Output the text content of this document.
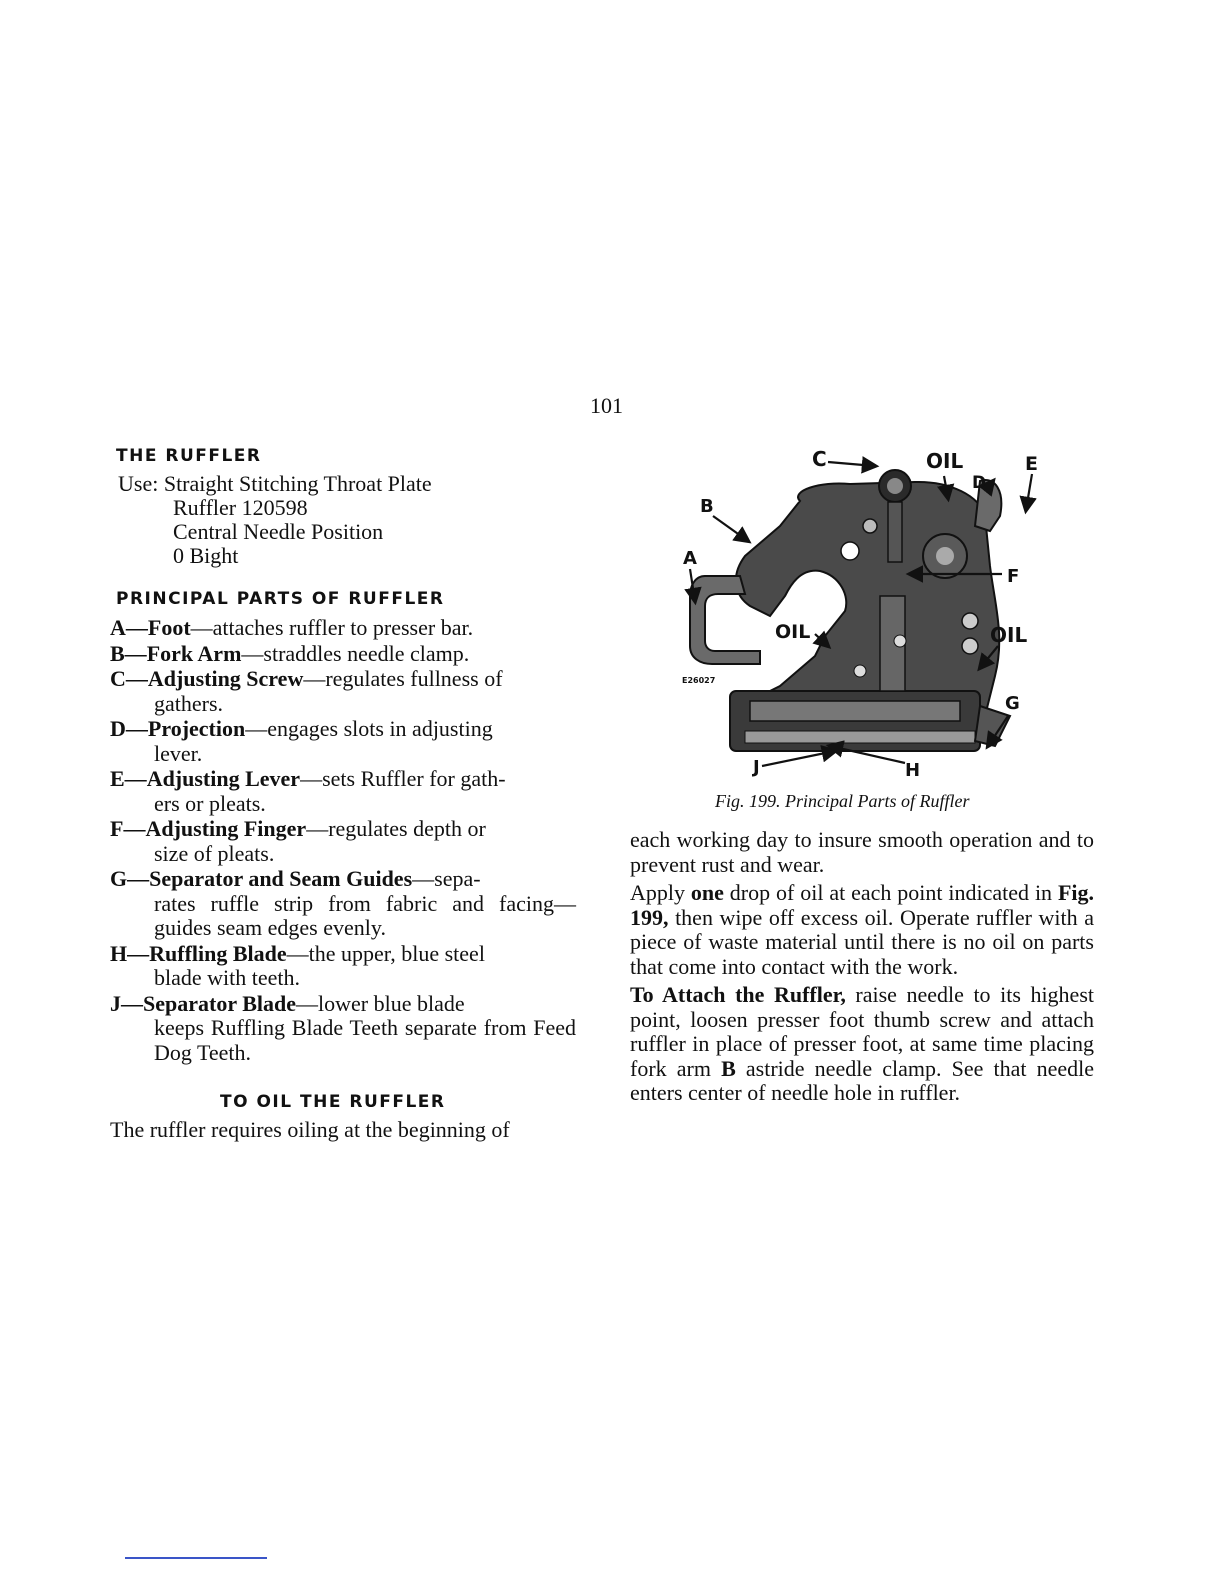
101
THE RUFFLER
Use: Straight Stitching Throat Plate
Ruffler 120598
Central Needle Position
0 Bight
PRINCIPAL PARTS OF RUFFLER
A—Foot—attaches ruffler to presser bar.
B—Fork Arm—straddles needle clamp.
C—Adjusting Screw—regulates fullness of
gathers.
D—Projection—engages slots in adjusting
lever.
E—Adjusting Lever—sets Ruffler for gath-
ers or pleats.
F—Adjusting Finger—regulates depth or
size of pleats.
G—Separator and Seam Guides—sepa-
rates ruffle strip from fabric and facing—guides seam edges evenly.
H—Ruffling Blade—the upper, blue steel
blade with teeth.
J—Separator Blade—lower blue blade
keeps Ruffling Blade Teeth separate from Feed Dog Teeth.
TO OIL THE RUFFLER
The ruffler requires oiling at the beginning of
C	OIL
D
E
B
A
F
OIL	OIL
G
J	H
E26027
Fig. 199. Principal Parts of Ruffler

each working day to insure smooth operation and to prevent rust and wear.

Apply one drop of oil at each point indicated in Fig. 199, then wipe off excess oil. Operate ruffler with a piece of waste material until there is no oil on parts that come into contact with the work.

To Attach the Ruffler, raise needle to its highest point, loosen presser foot thumb screw and attach ruffler in place of presser foot, at same time placing fork arm B astride needle clamp. See that needle enters center of needle hole in ruffler.
